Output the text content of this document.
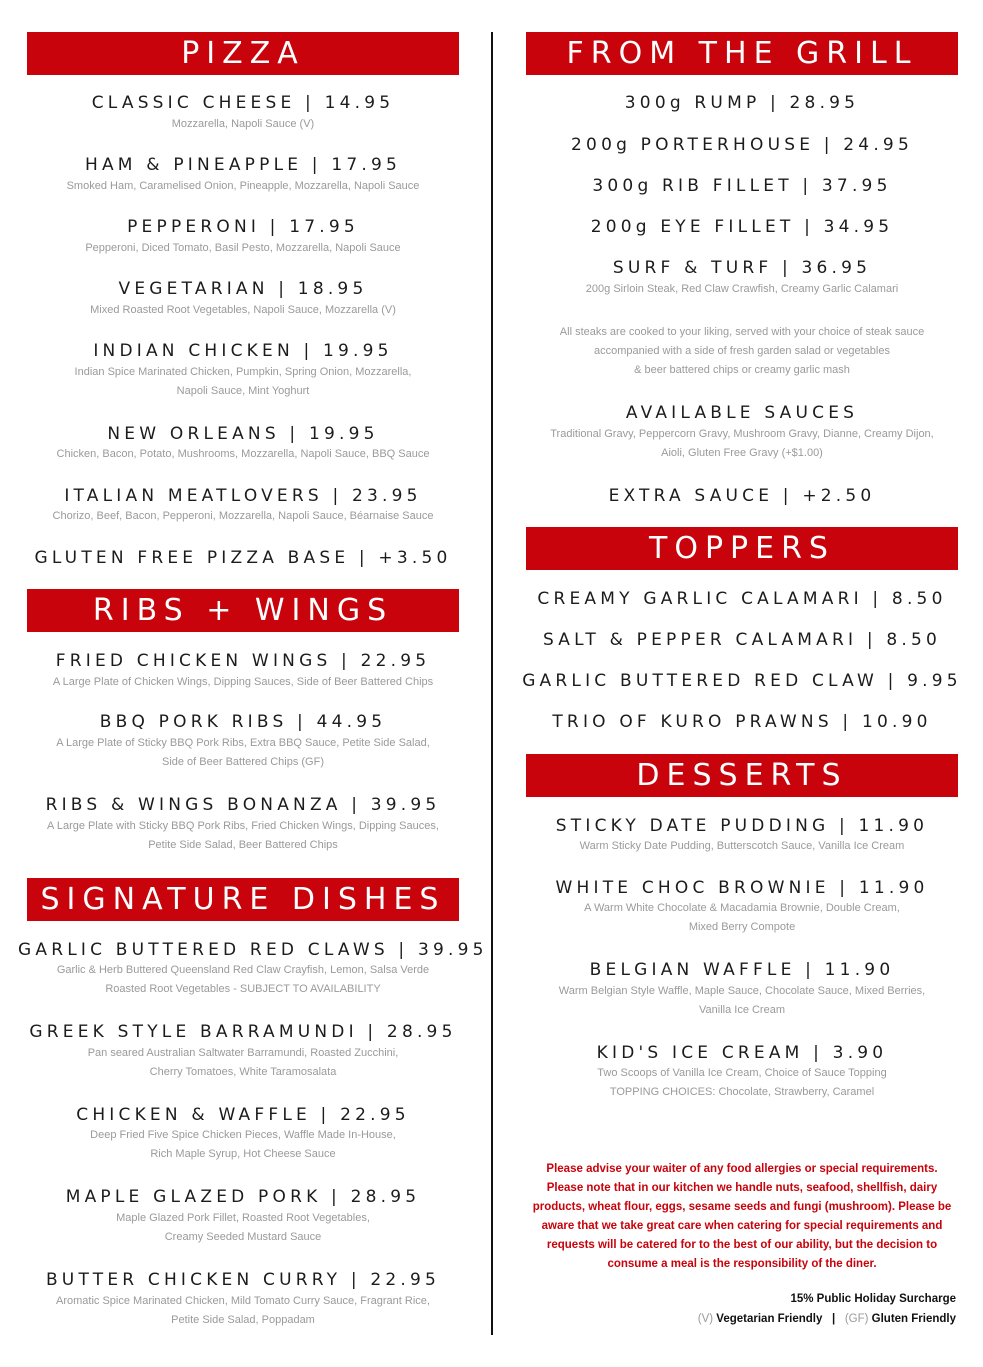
PIZZA
CLASSIC CHEESE | 14.95
Mozzarella, Napoli Sauce (V)
HAM & PINEAPPLE | 17.95
Smoked Ham, Caramelised Onion, Pineapple, Mozzarella, Napoli Sauce
PEPPERONI | 17.95
Pepperoni, Diced Tomato, Basil Pesto, Mozzarella, Napoli Sauce
VEGETARIAN | 18.95
Mixed Roasted Root Vegetables, Napoli Sauce, Mozzarella (V)
INDIAN CHICKEN | 19.95
Indian Spice Marinated Chicken, Pumpkin, Spring Onion, Mozzarella,
Napoli Sauce, Mint Yoghurt
NEW ORLEANS | 19.95
Chicken, Bacon, Potato, Mushrooms, Mozzarella, Napoli Sauce, BBQ Sauce
ITALIAN MEATLOVERS | 23.95
Chorizo, Beef, Bacon, Pepperoni, Mozzarella, Napoli Sauce, Béarnaise Sauce
GLUTEN FREE PIZZA BASE | +3.50
RIBS + WINGS
FRIED CHICKEN WINGS | 22.95
A Large Plate of Chicken Wings, Dipping Sauces, Side of Beer Battered Chips
BBQ PORK RIBS | 44.95
A Large Plate of Sticky BBQ Pork Ribs, Extra BBQ Sauce, Petite Side Salad,
Side of Beer Battered Chips (GF)
RIBS & WINGS BONANZA | 39.95
A Large Plate with Sticky BBQ Pork Ribs, Fried Chicken Wings, Dipping Sauces,
Petite Side Salad, Beer Battered Chips
SIGNATURE DISHES
GARLIC BUTTERED RED CLAWS | 39.95
Garlic & Herb Buttered Queensland Red Claw Crayfish, Lemon, Salsa Verde
Roasted Root Vegetables - SUBJECT TO AVAILABILITY
GREEK STYLE BARRAMUNDI | 28.95
Pan seared Australian Saltwater Barramundi, Roasted Zucchini,
Cherry Tomatoes, White Taramosalata
CHICKEN & WAFFLE | 22.95
Deep Fried Five Spice Chicken Pieces, Waffle Made In-House,
Rich Maple Syrup, Hot Cheese Sauce
MAPLE GLAZED PORK | 28.95
Maple Glazed Pork Fillet, Roasted Root Vegetables,
Creamy Seeded Mustard Sauce
BUTTER CHICKEN CURRY | 22.95
Aromatic Spice Marinated Chicken, Mild Tomato Curry Sauce, Fragrant Rice,
Petite Side Salad, Poppadam
FROM THE GRILL
300g RUMP | 28.95
200g PORTERHOUSE | 24.95
300g RIB FILLET | 37.95
200g EYE FILLET | 34.95
SURF & TURF | 36.95
200g Sirloin Steak, Red Claw Crawfish, Creamy Garlic Calamari
All steaks are cooked to your liking, served with your choice of steak sauce
accompanied with a side of fresh garden salad or vegetables
& beer battered chips or creamy garlic mash
AVAILABLE SAUCES
Traditional Gravy, Peppercorn Gravy, Mushroom Gravy, Dianne, Creamy Dijon,
Aioli, Gluten Free Gravy (+$1.00)
EXTRA SAUCE | +2.50
TOPPERS
CREAMY GARLIC CALAMARI | 8.50
SALT & PEPPER CALAMARI | 8.50
GARLIC BUTTERED RED CLAW | 9.95
TRIO OF KURO PRAWNS | 10.90
DESSERTS
STICKY DATE PUDDING | 11.90
Warm Sticky Date Pudding, Butterscotch Sauce, Vanilla Ice Cream
WHITE CHOC BROWNIE | 11.90
A Warm White Chocolate & Macadamia Brownie, Double Cream,
Mixed Berry Compote
BELGIAN WAFFLE | 11.90
Warm Belgian Style Waffle, Maple Sauce, Chocolate Sauce, Mixed Berries,
Vanilla Ice Cream
KID'S ICE CREAM | 3.90
Two Scoops of Vanilla Ice Cream, Choice of Sauce Topping
TOPPING CHOICES: Chocolate, Strawberry, Caramel
Please advise your waiter of any food allergies or special requirements.
Please note that in our kitchen we handle nuts, seafood, shellfish, dairy
products, wheat flour, eggs, sesame seeds and fungi (mushroom). Please be
aware that we take great care when catering for special requirements and
requests will be catered for to the best of our ability, but the decision to
consume a meal is the responsibility of the diner.
15% Public Holiday Surcharge
(V) Vegetarian Friendly | (GF) Gluten Friendly
